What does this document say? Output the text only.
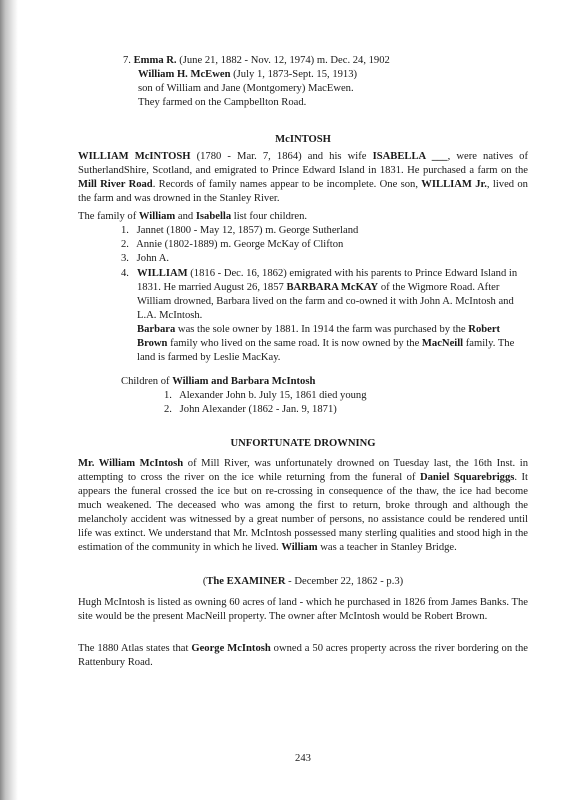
7. Emma R. (June 21, 1882 - Nov. 12, 1974) m. Dec. 24, 1902

William H. McEwen (July 1, 1873-Sept. 15, 1913)

son of William and Jane (Montgomery) MacEwen.

They farmed on the Campbellton Road.

McINTOSH
WILLIAM McINTOSH (1780 - Mar. 7, 1864) and his wife ISABELLA ___, were natives of SutherlandShire, Scotland, and emigrated to Prince Edward Island in 1831. He purchased a farm on the Mill River Road. Records of family names appear to be incomplete. One son, WILLIAM Jr., lived on the farm and was drowned in the Stanley River.
The family of William and Isabella list four children.

1. Jannet (1800 - May 12, 1857) m. George Sutherland

2. Annie (1802-1889) m. George McKay of Clifton

3. John A.

4. WILLIAM (1816 - Dec. 16, 1862) emigrated with his parents to Prince Edward Island in 1831. He married August 26, 1857 BARBARA McKAY of the Wigmore Road. After William drowned, Barbara lived on the farm and co-owned it with John A. McIntosh and L.A. McIntosh.

Barbara was the sole owner by 1881. In 1914 the farm was purchased by the Robert Brown family who lived on the same road. It is now owned by the MacNeill family. The land is farmed by Leslie MacKay.

Children of William and Barbara McIntosh

1. Alexander John b. July 15, 1861 died young

2. John Alexander (1862 - Jan. 9, 1871)

UNFORTUNATE DROWNING
Mr. William McIntosh of Mill River, was unfortunately drowned on Tuesday last, the 16th Inst. in attempting to cross the river on the ice while returning from the funeral of Daniel Squarebriggs. It appears the funeral crossed the ice but on re-crossing in consequence of the thaw, the ice had become much weakened. The deceased who was among the first to return, broke through and although the melancholy accident was witnessed by a great number of persons, no assistance could be rendered until life was extinct. We understand that Mr. McIntosh possessed many sterling qualities and stood high in the estimation of the community in which he lived. William was a teacher in Stanley Bridge.
(The EXAMINER - December 22, 1862 - p.3)
Hugh McIntosh is listed as owning 60 acres of land - which he purchased in 1826 from James Banks. The site would be the present MacNeill property. The owner after McIntosh would be Robert Brown.
The 1880 Atlas states that George McIntosh owned a 50 acres property across the river bordering on the Rattenbury Road.
243
